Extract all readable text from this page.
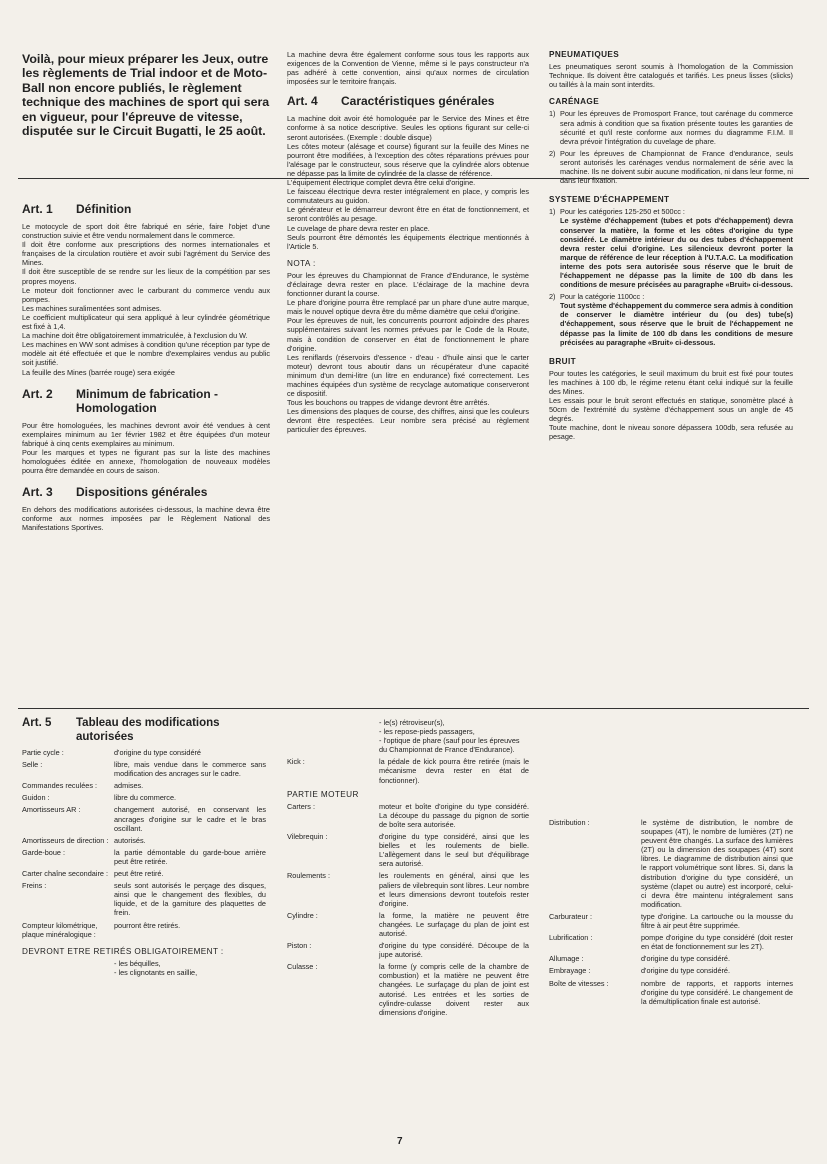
Voilà, pour mieux préparer les Jeux, outre les règlements de Trial indoor et de Moto-Ball non encore publiés, le règlement technique des machines de sport qui sera en vigueur, pour l'épreuve de vitesse, disputée sur le Circuit Bugatti, le 25 août.

Art. 1	Définition

Le motocycle de sport doit être fabriqué en série, faire l'objet d'une construction suivie et être vendu normalement dans le commerce.

Il doit être conforme aux prescriptions des normes internationales et françaises de la circulation routière et avoir subi l'agrément du Service des Mines.

Il doit être susceptible de se rendre sur les lieux de la compétition par ses propres moyens.

Le moteur doit fonctionner avec le carburant du commerce vendu aux pompes.

Les machines suralimentées sont admises.

Le coefficient multiplicateur qui sera appliqué à leur cylindrée géométrique est fixé à 1,4.

La machine doit être obligatoirement immatriculée, à l'exclusion du W.

Les machines en WW sont admises à condition qu'une réception par type de modèle ait été effectuée et que le nombre d'exemplaires vendus au public soit justifié.

La feuille des Mines (barrée rouge) sera exigée

Art. 2	Minimum de fabrication - Homologation

Pour être homologuées, les machines devront avoir été vendues à cent exemplaires minimum au 1er février 1982 et être équipées d'un moteur fabriqué à cinq cents exemplaires au minimum.

Pour les marques et types ne figurant pas sur la liste des machines homologuées éditée en annexe, l'homologation de nouveaux modèles pourra être demandée en cours de saison.

Art. 3	Dispositions générales

En dehors des modifications autorisées ci-dessous, la machine devra être conforme aux normes imposées par le Règlement National des Manifestations Sportives.

La machine devra être également conforme sous tous les rapports aux exigences de la Convention de Vienne, même si le pays constructeur n'a pas adhéré à cette convention, ainsi qu'aux normes de circulation imposées sur le territoire français.

Art. 4	Caractéristiques générales

La machine doit avoir été homologuée par le Service des Mines et être conforme à sa notice descriptive. Seules les options figurant sur celle-ci seront autorisées. (Exemple : double disque)

Les côtes moteur (alésage et course) figurant sur la feuille des Mines ne pourront être modifiées, à l'exception des côtes réparations prévues pour l'alésage par le constructeur, sous réserve que la cylindrée alors obtenue ne dépasse pas la limite de cylindrée de la classe de référence.

L'équipement électrique complet devra être celui d'origine.

Le faisceau électrique devra rester intégralement en place, y compris les commutateurs au guidon.

Le générateur et le démarreur devront être en état de fonctionnement, et seront contrôlés au pesage.

Le cuvelage de phare devra rester en place.

Seuls pourront être démontés les équipements électrique mentionnés à l'Article 5.

NOTA :

Pour les épreuves du Championnat de France d'Endurance, le système d'éclairage devra rester en place. L'éclairage de la machine devra fonctionner durant la course.

Le phare d'origine pourra être remplacé par un phare d'une autre marque, mais le nouvel optique devra être du même diamètre que celui d'origine.

Pour les épreuves de nuit, les concurrents pourront adjoindre des phares supplémentaires suivant les normes prévues par le Code de la Route, mais à condition de conserver en état de fonctionnement le phare d'origine.

Les reniflards (réservoirs d'essence - d'eau - d'huile ainsi que le carter moteur) devront tous aboutir dans un récupérateur d'une capacité minimum d'un demi-litre (un litre en endurance) fixé correctement. Les machines équipées d'un système de recyclage automatique conserveront ce dispositif.

Tous les bouchons ou trappes de vidange devront être arrêtés.

Les dimensions des plaques de course, des chiffres, ainsi que les couleurs devront être respectées. Leur nombre sera précisé au règlement particulier des épreuves.

PNEUMATIQUES

Les pneumatiques seront soumis à l'homologation de la Commission Technique. Ils doivent être catalogués et tarifiés. Les pneus lisses (slicks) ou taillés à la main sont interdits.

CARÉNAGE
1) Pour les épreuves de Promosport France, tout carénage du commerce sera admis à condition que sa fixation présente toutes les garanties de sécurité et qu'il reste conforme aux normes du diagramme F.I.M. II devra prévoir l'intégration du cuvelage de phare.
2) Pour les épreuves de Championnat de France d'endurance, seuls seront autorisés les carénages vendus normalement de série avec la machine. Ils ne doivent subir aucune modification, ni dans leur forme, ni dans leur fixation.
SYSTEME D'ÉCHAPPEMENT
1) Pour les catégories 125-250 et 500cc :
Le système d'échappement (tubes et pots d'échappement) devra conserver la matière, la forme et les côtes d'origine du type considéré. Le diamètre intérieur du ou des tubes d'échappement devra rester celui d'origine. Les silencieux devront porter la marque de référence de leur réception à l'U.T.A.C. La modification interne des pots sera autorisée sous réserve que le bruit de l'échappement ne dépasse pas la limite de 100 db dans les conditions de mesure précisées au paragraphe «Bruit» ci-dessous.
2) Pour la catégorie 1100cc :
Tout système d'échappement du commerce sera admis à condition de conserver le diamètre intérieur du (ou des) tube(s) d'échappement, sous réserve que le bruit de l'échappement ne dépasse pas la limite de 100 db dans les conditions de mesure précisées au paragraphe «Bruit» ci-dessous.
BRUIT

Pour toutes les catégories, le seuil maximum du bruit est fixé pour toutes les machines à 100 db, le régime retenu étant celui indiqué sur la feuille des Mines.

Les essais pour le bruit seront effectués en statique, sonomètre placé à 50cm de l'extrémité du système d'échappement sous un angle de 45 degrés.

Toute machine, dont le niveau sonore dépassera 100db, sera refusée au pesage.

Art. 5	Tableau des modifications autorisées
Partie cycle :	d'origine du type considéré
Selle :	libre, mais vendue dans le commerce sans modification des ancrages sur le cadre.
Commandes reculées :	admises.
Guidon :	libre du commerce.
Amortisseurs AR :	changement autorisé, en conservant les ancrages d'origine sur le cadre et le bras oscillant.
Amortisseurs de direction : autorisés.
Garde-boue :	la partie démontable du garde-boue arrière peut être retirée.
Carter chaîne secondaire : peut être retiré.
Freins :	seuls sont autorisés le perçage des disques, ainsi que le changement des flexibles, du liquide, et de la garniture des plaquettes de frein.
Compteur kilométrique, plaque minéralogique :
pourront être retirés.
DEVRONT ETRE RETIRÉS OBLIGATOIREMENT :
- les béquilles,
- les clignotants en saillie,
- le(s) rétroviseur(s),
- les repose-pieds passagers,
- l'optique de phare (sauf pour les épreuves du Championnat de France d'Endurance).
Kick :	la pédale de kick pourra être retirée (mais le mécanisme devra rester en état de fonctionner).
PARTIE MOTEUR
Carters :	moteur et boîte d'origine du type considéré. La découpe du passage du pignon de sortie de boîte sera autorisée.
Vilebrequin :	d'origine du type considéré, ainsi que les bielles et les roulements de bielle. L'allègement dans le seul but d'équilibrage sera autorisé.
Roulements :	les roulements en général, ainsi que les paliers de vilebrequin sont libres. Leur nombre et leurs dimensions devront toutefois rester d'origine.
Cylindre :	la forme, la matière ne peuvent être changées. Le surfaçage du plan de joint est autorisé.
Piston :	d'origine du type considéré. Découpe de la jupe autorisé.
Culasse :	la forme (y compris celle de la chambre de combustion) et la matière ne peuvent être changées. Le surfaçage du plan de joint est autorisé. Les entrées et les sorties de cylindre-culasse doivent rester aux dimensions d'origine.
Distribution :	le système de distribution, le nombre de soupapes (4T), le nombre de lumières (2T) ne peuvent être changés. La surface des lumières (2T) ou la dimension des soupapes (4T) sont libres. Le diagramme de distribution ainsi que le rapport volumétrique sont libres. Si, dans la distribution d'origine du type considéré, un système (clapet ou autre) est incorporé, celui-ci devra être maintenu intégralement sans modification.
Carburateur :	type d'origine. La cartouche ou la mousse du filtre à air peut être supprimée.
Lubrification :	pompe d'origine du type considéré (doit rester en état de fonctionnement sur les 2T).
Allumage :	d'origine du type considéré.
Embrayage :	d'origine du type considéré.
Boîte de vitesses :	nombre de rapports, et rapports internes d'origine du type considéré. Le changement de la démultiplication finale est autorisé.
7
